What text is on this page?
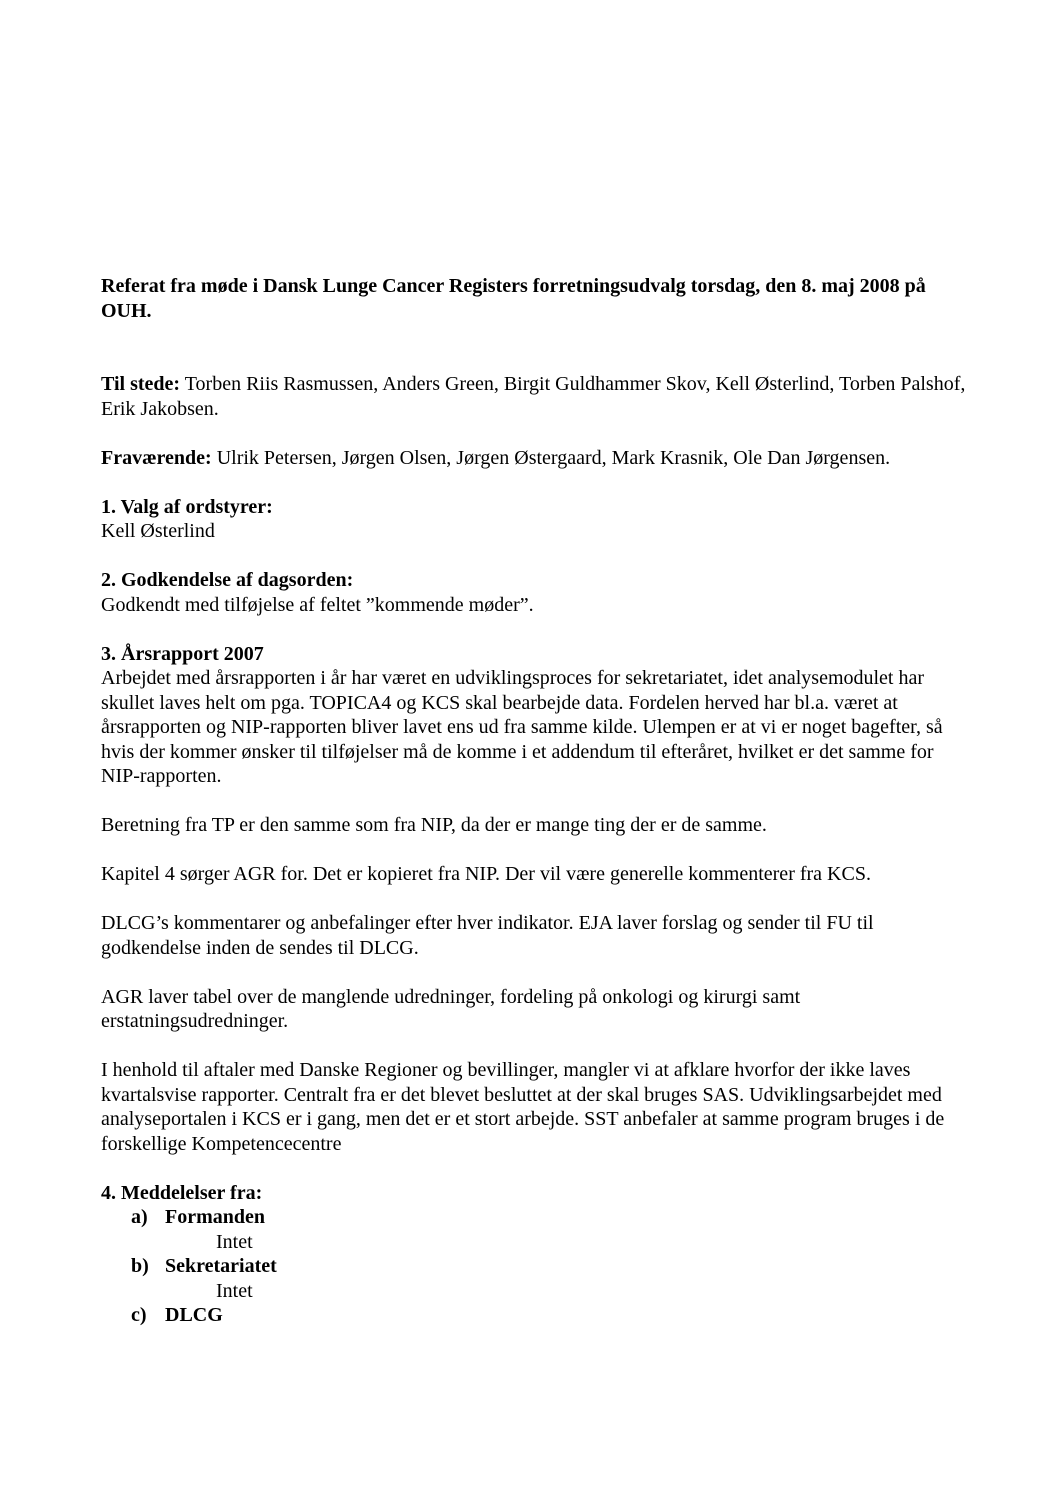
Referat fra møde i Dansk Lunge Cancer Registers forretningsudvalg torsdag, den 8. maj 2008 på OUH.

Til stede: Torben Riis Rasmussen, Anders Green, Birgit Guldhammer Skov, Kell Østerlind, Torben Palshof, Erik Jakobsen.

Fraværende: Ulrik Petersen, Jørgen Olsen, Jørgen Østergaard, Mark Krasnik, Ole Dan Jørgensen.

1. Valg af ordstyrer:

Kell Østerlind

2. Godkendelse af dagsorden:

Godkendt med tilføjelse af feltet ”kommende møder”.

3. Årsrapport 2007

Arbejdet med årsrapporten i år har været en udviklingsproces for sekretariatet, idet analysemodulet har skullet laves helt om pga. TOPICA4 og KCS skal bearbejde data. Fordelen herved har bl.a. været at årsrapporten og NIP-rapporten bliver lavet ens ud fra samme kilde. Ulempen er at vi er noget bagefter, så hvis der kommer ønsker til tilføjelser må de komme i et addendum til efteråret, hvilket er det samme for NIP-rapporten.

Beretning fra TP er den samme som fra NIP, da der er mange ting der er de samme.

Kapitel 4 sørger AGR for. Det er kopieret fra NIP. Der vil være generelle kommenterer fra KCS.

DLCG’s kommentarer og anbefalinger efter hver indikator. EJA laver forslag og sender til FU til godkendelse inden de sendes til DLCG.

AGR laver tabel over de manglende udredninger, fordeling på onkologi og kirurgi samt erstatningsudredninger.

I henhold til aftaler med Danske Regioner og bevillinger, mangler vi at afklare hvorfor der ikke laves kvartalsvise rapporter. Centralt fra er det blevet besluttet at der skal bruges SAS. Udviklingsarbejdet med analyseportalen i KCS er i gang, men det er et stort arbejde. SST anbefaler at samme program bruges i de forskellige Kompetencecentre

4. Meddelelser fra:

a) Formanden
Intet
b) Sekretariatet
Intet
c) DLCG
